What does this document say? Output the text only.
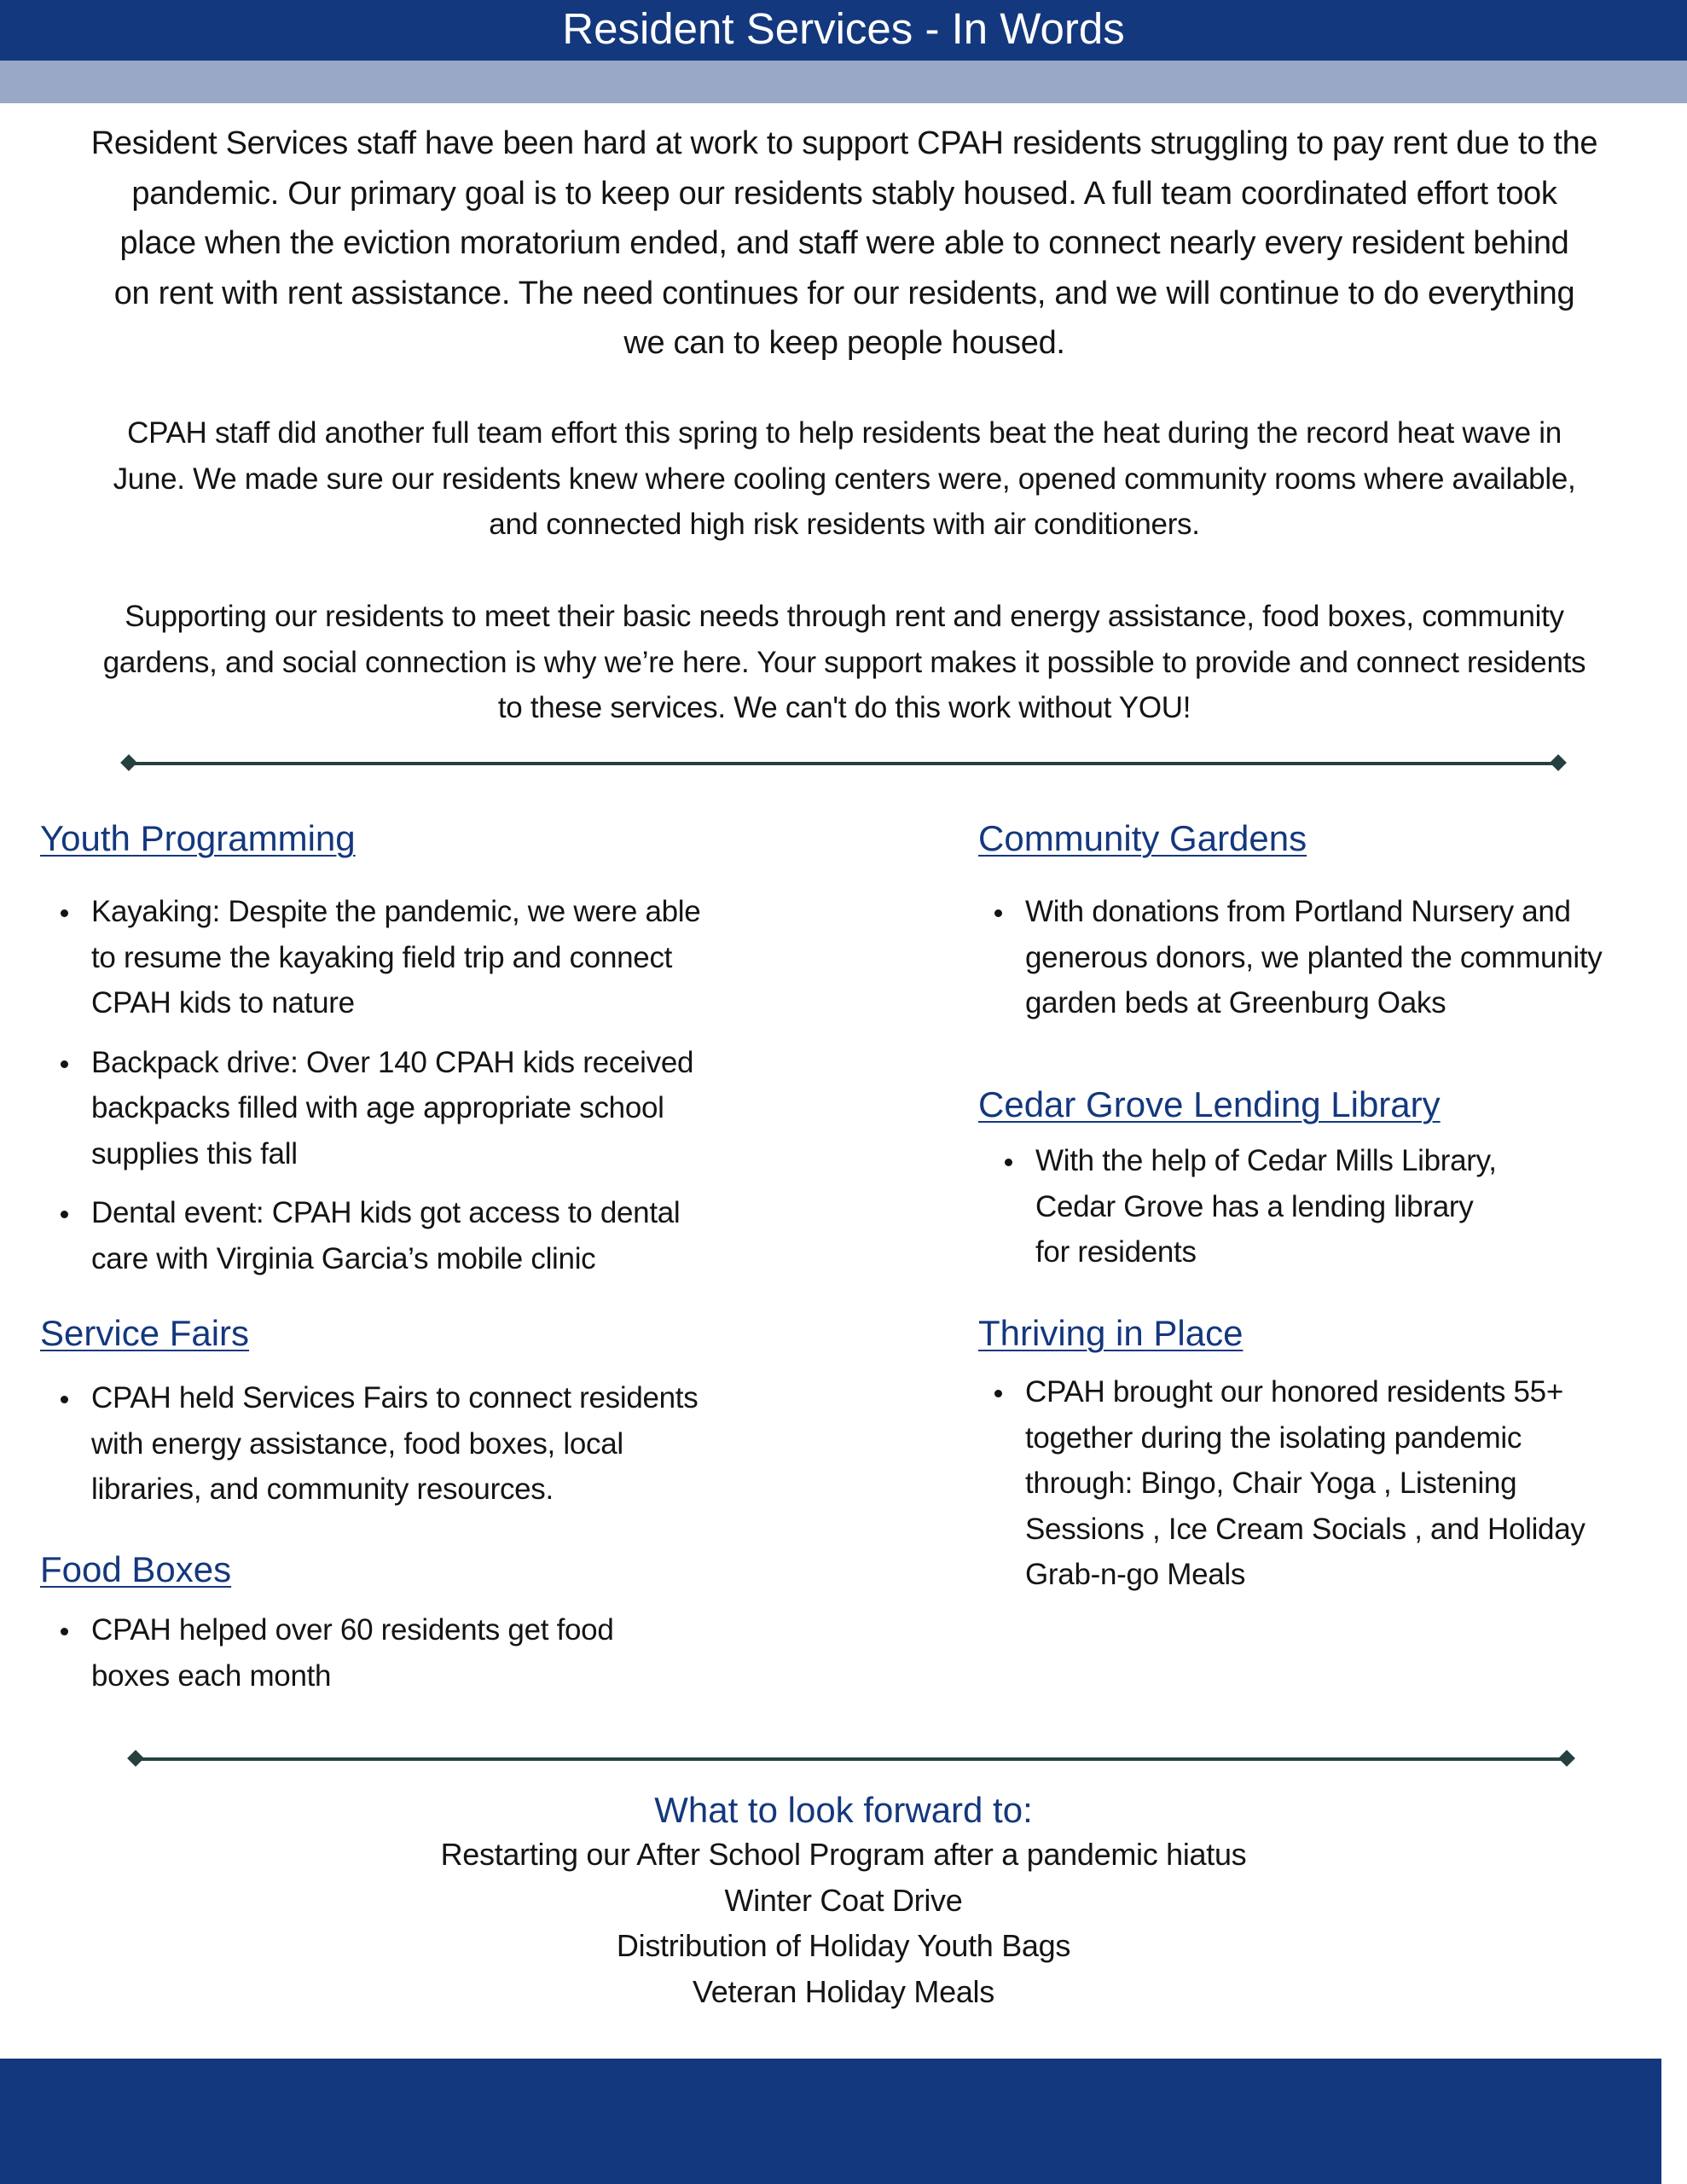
Resident Services - In Words

Resident Services staff have been hard at work to support CPAH residents struggling to pay rent due to the
pandemic. Our primary goal is to keep our residents stably housed. A full team coordinated effort took
place when the eviction moratorium ended, and staff were able to connect nearly every resident behind
on rent with rent assistance. The need continues for our residents, and we will continue to do everything
we can to keep people housed.

CPAH staff did another full team effort this spring to help residents beat the heat during the record heat wave in
June. We made sure our residents knew where cooling centers were, opened community rooms where available,
and connected high risk residents with air conditioners.

Supporting our residents to meet their basic needs through rent and energy assistance, food boxes, community
gardens, and social connection is why we’re here. Your support makes it possible to provide and connect residents
to these services. We can't do this work without YOU!

Youth Programming
Kayaking: Despite the pandemic, we were able
to resume the kayaking field trip and connect
CPAH kids to nature
Backpack drive: Over 140 CPAH kids received
backpacks filled with age appropriate school
supplies this fall
Dental event: CPAH kids got access to dental
care with Virginia Garcia’s mobile clinic
Service Fairs
CPAH held Services Fairs to connect residents
with energy assistance, food boxes, local
libraries, and community resources.
Food Boxes
CPAH helped over 60 residents get food
boxes each month
Community Gardens
With donations from Portland Nursery and
generous donors, we planted the community
garden beds at Greenburg Oaks
Cedar Grove Lending Library
With the help of Cedar Mills Library,
Cedar Grove has a lending library
for residents
Thriving in Place
CPAH brought our honored residents 55+
together during the isolating pandemic
through: Bingo, Chair Yoga , Listening
Sessions , Ice Cream Socials , and Holiday
Grab-n-go Meals
What to look forward to:
Restarting our After School Program after a pandemic hiatus
Winter Coat Drive
Distribution of Holiday Youth Bags
Veteran Holiday Meals
